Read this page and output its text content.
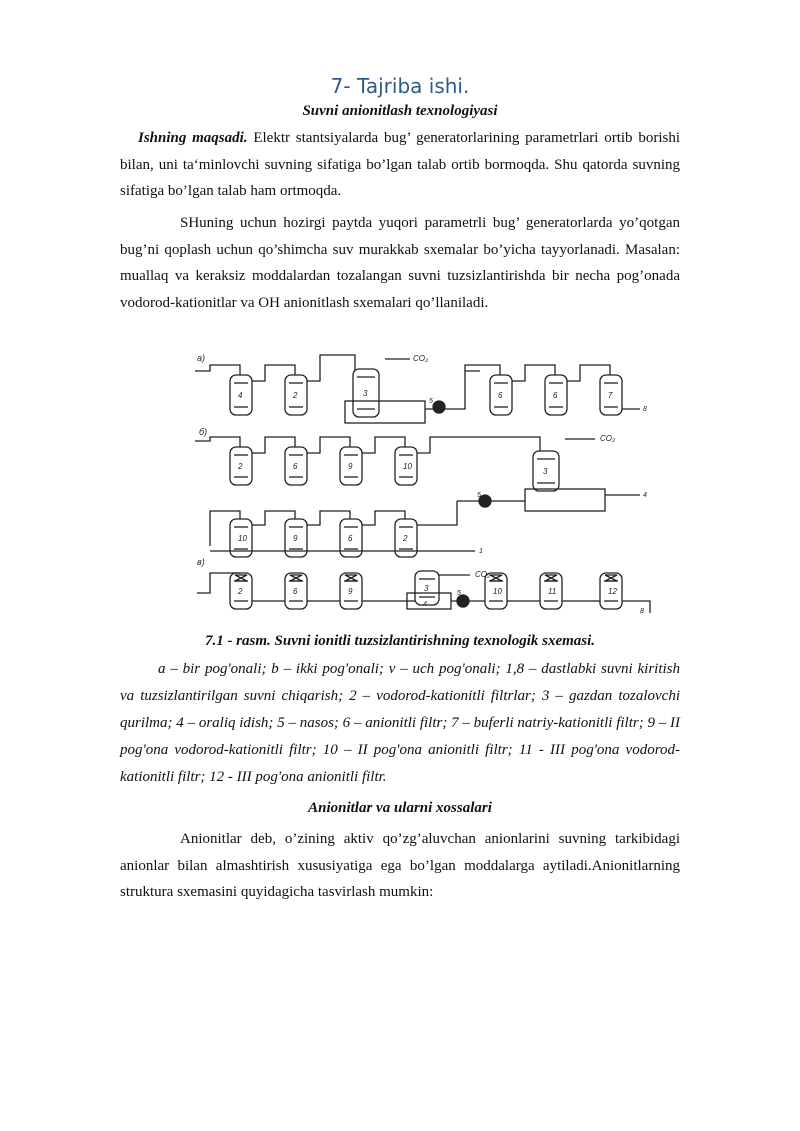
7- Tajriba ishi.
Suvni anionitlash texnologiyasi
Ishning maqsadi. Elektr stantsiyalarda bug’ generatorlarining parametrlari ortib borishi bilan, uni ta‘minlovchi suvning sifatiga bo’lgan talab ortib bormoqda. Shu qatorda suvning sifatiga bo’lgan talab ham ortmoqda.
SHuning uchun hozirgi paytda yuqori parametrli bug’ generatorlarda yo’qotgan bug’ni qoplash uchun qo’shimcha suv murakkab sxemalar bo’yicha tayyorlanadi. Masalan: muallaq va keraksiz moddalardan tozalangan suvni tuzsizlantirishda bir necha pog’onada vodorod-kationitlar va OH anionitlash sxemalari qo’llaniladi.
a)
б)
в)
4	2	3
CO₂
5
6	6	7
8
2	6	9	10
CO₂
3
4
5
10	9	6	2
1
2	6	9	3
4
10	11	12
CO₂
5
8
7.1 - rasm. Suvni ionitli tuzsizlantirishning texnologik sxemasi.
a – bir pog'onali; b – ikki pog'onali; v – uch pog'onali; 1,8 – dastlabki suvni kiritish va tuzsizlantirilgan suvni chiqarish; 2 – vodorod-kationitli filtrlar; 3 – gazdan tozalovchi qurilma; 4 – oraliq idish; 5 – nasos; 6 – anionitli filtr; 7 – buferli natriy-kationitli filtr; 9 – II pog'ona vodorod-kationitli filtr; 10 – II pog'ona anionitli filtr; 11 - III pog'ona vodorod-kationitli filtr; 12 - III pog'ona anionitli filtr.
Anionitlar va ularni xossalari
Anionitlar deb, o’zining aktiv qo’zg’aluvchan anionlarini suvning tarkibidagi anionlar bilan almashtirish xususiyatiga ega bo’lgan moddalarga aytiladi.Anionitlarning struktura sxemasini quyidagicha tasvirlash mumkin:
